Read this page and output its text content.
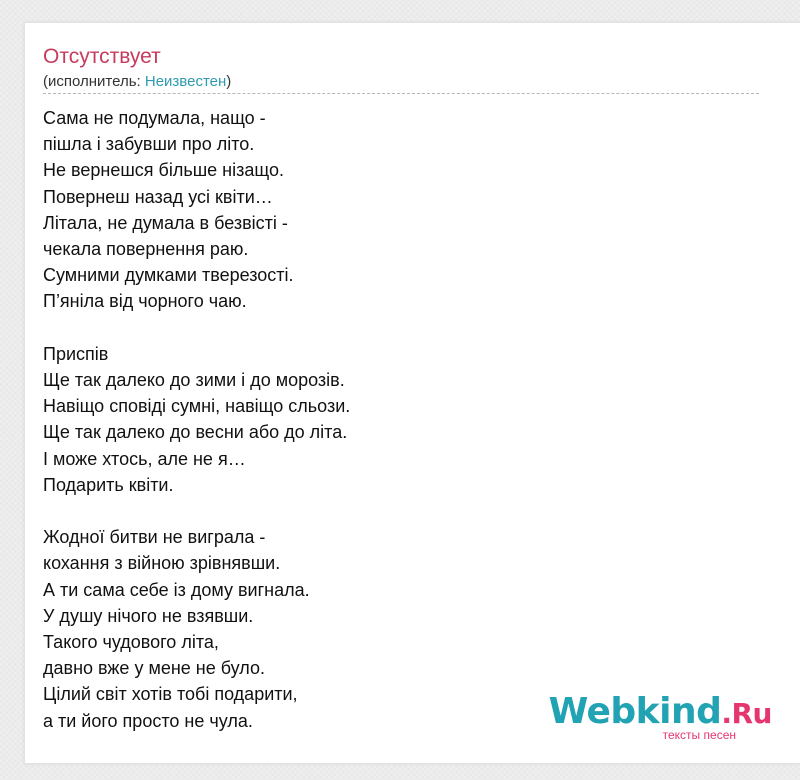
Отсутствует
(исполнитель: Неизвестен)
Сама не подумала, нащо -
пішла і забувши про літо.
Не вернешся більше нізащо.
Повернеш назад усі квіти…
Літала, не думала в безвісті -
чекала повернення раю.
Сумними думками тверезості.
П’яніла від чорного чаю.
Приспів
Ще так далеко до зими і до морозів.
Навіщо сповіді сумні, навіщо сльози.
Ще так далеко до весни або до літа.
І може хтось, але не я…
Подарить квіти.
Жодної битви не виграла -
кохання з війною зрівнявши.
А ти сама себе із дому вигнала.
У душу нічого не взявши.
Такого чудового літа,
давно вже у мене не було.
Цілий світ хотів тобі подарити,
а ти його просто не чула.	Webkind.Ru
тексты песен
